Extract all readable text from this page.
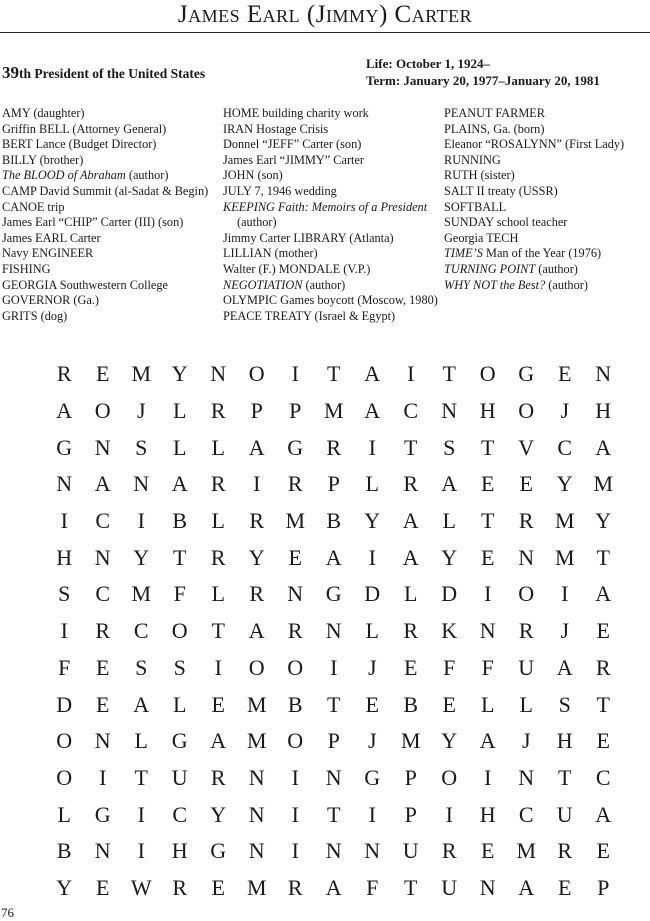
James Earl (Jimmy) Carter
39th President of the United States
Life: October 1, 1924–
Term: January 20, 1977–January 20, 1981
AMY (daughter)
Griffin BELL (Attorney General)
BERT Lance (Budget Director)
BILLY (brother)
The BLOOD of Abraham (author)
CAMP David Summit (al-Sadat & Begin)
CANOE trip
James Earl “CHIP” Carter (III) (son)
James EARL Carter
Navy ENGINEER
FISHING
GEORGIA Southwestern College
GOVERNOR (Ga.)
GRITS (dog)
HOME building charity work
IRAN Hostage Crisis
Donnel “JEFF” Carter (son)
James Earl “JIMMY” Carter
JOHN (son)
JULY 7, 1946 wedding
KEEPING Faith: Memoirs of a President (author)
Jimmy Carter LIBRARY (Atlanta)
LILLIAN (mother)
Walter (F.) MONDALE (V.P.)
NEGOTIATION (author)
OLYMPIC Games boycott (Moscow, 1980)
PEACE TREATY (Israel & Egypt)
PEANUT FARMER
PLAINS, Ga. (born)
Eleanor “ROSALYNN” (First Lady)
RUNNING
RUTH (sister)
SALT II treaty (USSR)
SOFTBALL
SUNDAY school teacher
Georgia TECH
TIME’S Man of the Year (1976)
TURNING POINT (author)
WHY NOT the Best? (author)
R	E	M Y	N	O	I	T	A	I	T	O	G	E	N
A	O	J	L	R	P	P	M A	C	N	H	O	J	H
G	N	S	L	L	A	G	R	I	T	S	T	V	C	A
N	A	N	A	R	I	R	P	L	R	A	E	E	Y M
I	C	I	B	L	R M B	Y	A	L	T	R M Y
H	N	Y	T	R	Y	E	A	I	A	Y	E	N M T
S	C M	F	L	R	N	G	D	L	D	I	O	I	A
I	R	C	O	T	A	R	N	L	R	K	N	R	J	E
F	E	S	S	I	O	O	I	J	E	F	F	U	A	R
D	E	A	L	E	M B	T	E	B	E	L	L	S	T
O	N	L	G	A M O	P	J	M Y	A	J	H	E
O	I	T	U	R	N	I	N	G	P	O	I	N	T	C
L	G	I	C	Y	N	I	T	I	P	I	H	C	U	A
B	N	I	H	G	N	I	N	N	U	R	E	M R	E
Y	E W R	E	M R	A	F	T	U	N	A	E	P
76
